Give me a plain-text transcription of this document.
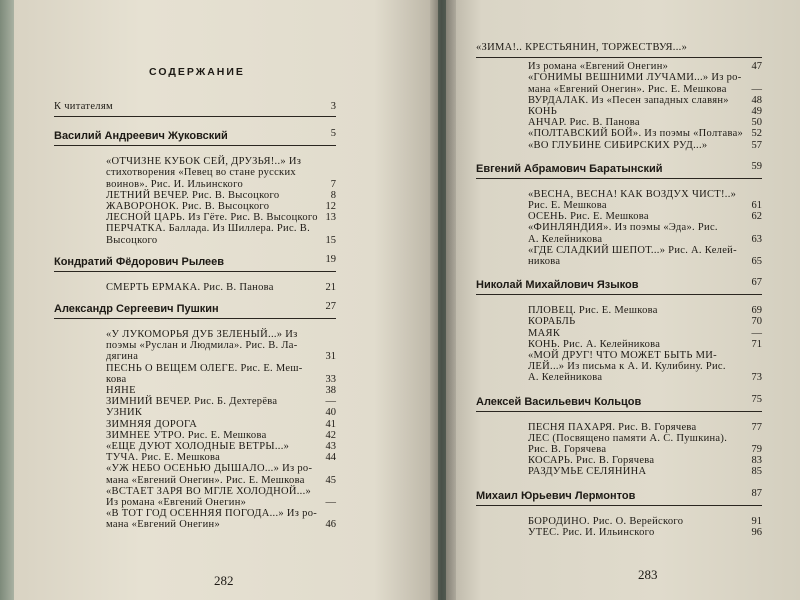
СОДЕРЖАНИЕ
282
К читателям	3
Василий Андреевич Жуковский	5
«ОТЧИЗНЕ КУБОК СЕЙ, ДРУЗЬЯ!..» Из
стихотворения «Певец во стане русских
воинов». Рис. И. Ильинского	7
ЛЕТНИЙ ВЕЧЕР. Рис. В. Высоцкого	8
ЖАВОРОНОК. Рис. В. Высоцкого	12
ЛЕСНОЙ ЦАРЬ. Из Гёте. Рис. В. Высоцкого 13
ПЕРЧАТКА. Баллада. Из Шиллера. Рис. В.
Высоцкого	15
Кондратий Фёдорович Рылеев	19
СМЕРТЬ ЕРМАКА. Рис. В. Панова	21
Александр Сергеевич Пушкин	27
«У ЛУКОМОРЬЯ ДУБ ЗЕЛЕНЫЙ...» Из
поэмы «Руслан и Людмила». Рис. В. Ла-
дягина	31
ПЕСНЬ О ВЕЩЕМ ОЛЕГЕ. Рис. Е. Меш-
кова	33
НЯНЕ	38
ЗИМНИЙ ВЕЧЕР. Рис. Б. Дехтерёва	—
УЗНИК	40
ЗИМНЯЯ ДОРОГА	41
ЗИМНЕЕ УТРО. Рис. Е. Мешкова	42
«ЕЩЕ ДУЮТ ХОЛОДНЫЕ ВЕТРЫ...»	43
ТУЧА. Рис. Е. Мешкова	44
«УЖ НЕБО ОСЕНЬЮ ДЫШАЛО...» Из ро-
мана «Евгений Онегин». Рис. Е. Мешкова	45
«ВСТАЕТ ЗАРЯ ВО МГЛЕ ХОЛОДНОЙ...»
Из романа «Евгений Онегин»	—
«В ТОТ ГОД ОСЕННЯЯ ПОГОДА...» Из ро-
мана «Евгений Онегин»	46
283
«ЗИМА!.. КРЕСТЬЯНИН, ТОРЖЕСТВУЯ...»
Из романа «Евгений Онегин»	47
«ГОНИМЫ ВЕШНИМИ ЛУЧАМИ...» Из ро-
мана «Евгений Онегин». Рис. Е. Мешкова	—
ВУРДАЛАК. Из «Песен западных славян»	48
КОНЬ	49
АНЧАР. Рис. В. Панова	50
«ПОЛТАВСКИЙ БОЙ». Из поэмы «Полтава» 52
«ВО ГЛУБИНЕ СИБИРСКИХ РУД...»	57
Евгений Абрамович Баратынский	59
«ВЕСНА, ВЕСНА! КАК ВОЗДУХ ЧИСТ!..»
Рис. Е. Мешкова	61
ОСЕНЬ. Рис. Е. Мешкова	62
«ФИНЛЯНДИЯ». Из поэмы «Эда». Рис.
А. Келейникова	63
«ГДЕ СЛАДКИЙ ШЕПОТ...» Рис. А. Келей-
никова	65
Николай Михайлович Языков	67
ПЛОВЕЦ. Рис. Е. Мешкова	69
КОРАБЛЬ	70
МАЯК	—
КОНЬ. Рис. А. Келейникова	71
«МОЙ ДРУГ! ЧТО МОЖЕТ БЫТЬ МИ-
ЛЕЙ...» Из письма к А. И. Кулибину. Рис.
А. Келейникова	73
Алексей Васильевич Кольцов	75
ПЕСНЯ ПАХАРЯ. Рис. В. Горячева	77
ЛЕС (Посвящено памяти А. С. Пушкина).
Рис. В. Горячева	79
КОСАРЬ. Рис. В. Горячева	83
РАЗДУМЬЕ СЕЛЯНИНА	85
Михаил Юрьевич Лермонтов	87
БОРОДИНО. Рис. О. Верейского	91
УТЕС. Рис. И. Ильинского	96
